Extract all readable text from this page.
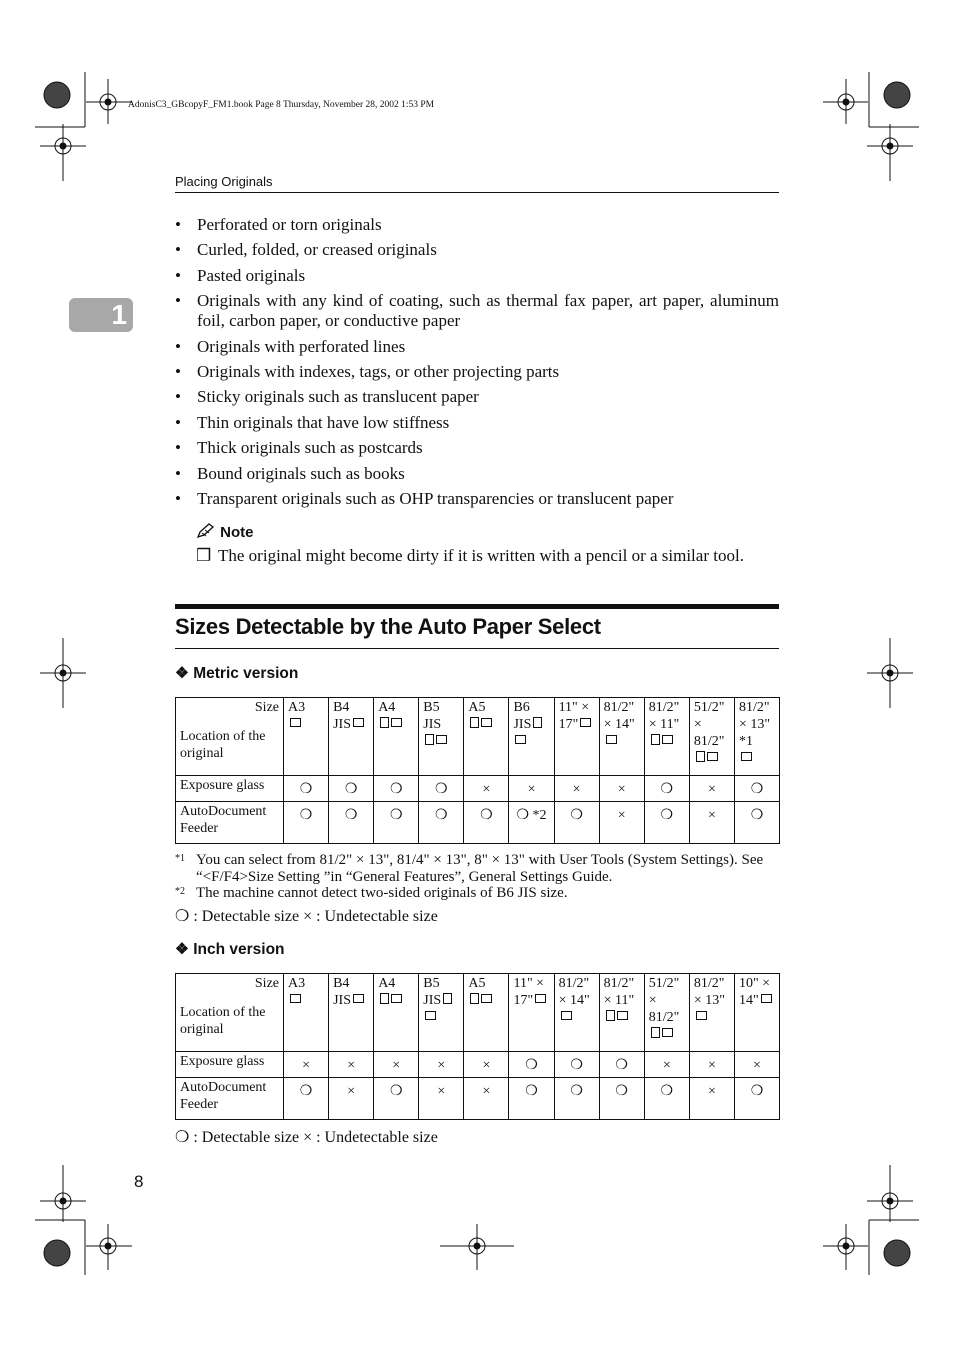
AdonisC3_GBcopyF_FM1.book Page 8 Thursday, November 28, 2002 1:53 PM
Placing Originals
1
• Perforated or torn originals
• Curled, folded, or creased originals
• Pasted originals
• Originals with any kind of coating, such as thermal fax paper, art paper, aluminum foil, carbon paper, or conductive paper
• Originals with perforated lines
• Originals with indexes, tags, or other projecting parts
• Sticky originals such as translucent paper
• Thin originals that have low stiffness
• Thick originals such as postcards
• Bound originals such as books
• Transparent originals such as OHP transparencies or translucent paper
Note
❒ The original might become dirty if it is written with a pencil or a similar tool.
Sizes Detectable by the Auto Paper Select
❖ Metric version
Size
Location of the original	A3	B4 JIS	A4	B5 JIS	A5	B6 JIS	11" × 17"	81/2" × 14"	81/2" × 11"	51/2" × 81/2"	81/2" × 13" *1

Exposure glass	❍	❍	❍	❍	×	×	×	×	❍	×	❍
AutoDocument Feeder	❍	❍	❍	❍	❍	❍ *2	❍	×	❍	×	❍
*1 You can select from 81/2" × 13", 81/4" × 13", 8" × 13" with User Tools (System Settings). See “<F/F4>Size Setting ”in “General Features”, General Settings Guide.
*2 The machine cannot detect two-sided originals of B6 JIS size.
❍ : Detectable size × : Undetectable size
❖ Inch version
Size
Location of the original	A3	B4 JIS	A4	B5 JIS	A5	11" × 17"	81/2" × 14"	81/2" × 11"	51/2" × 81/2"	81/2" × 13"	10" × 14"
Exposure glass	×	×	×	×	×	❍	❍	❍	×	×	×
AutoDocument Feeder	❍	×	❍	×	×	❍	❍	❍	❍	×	❍
❍ : Detectable size × : Undetectable size
8
